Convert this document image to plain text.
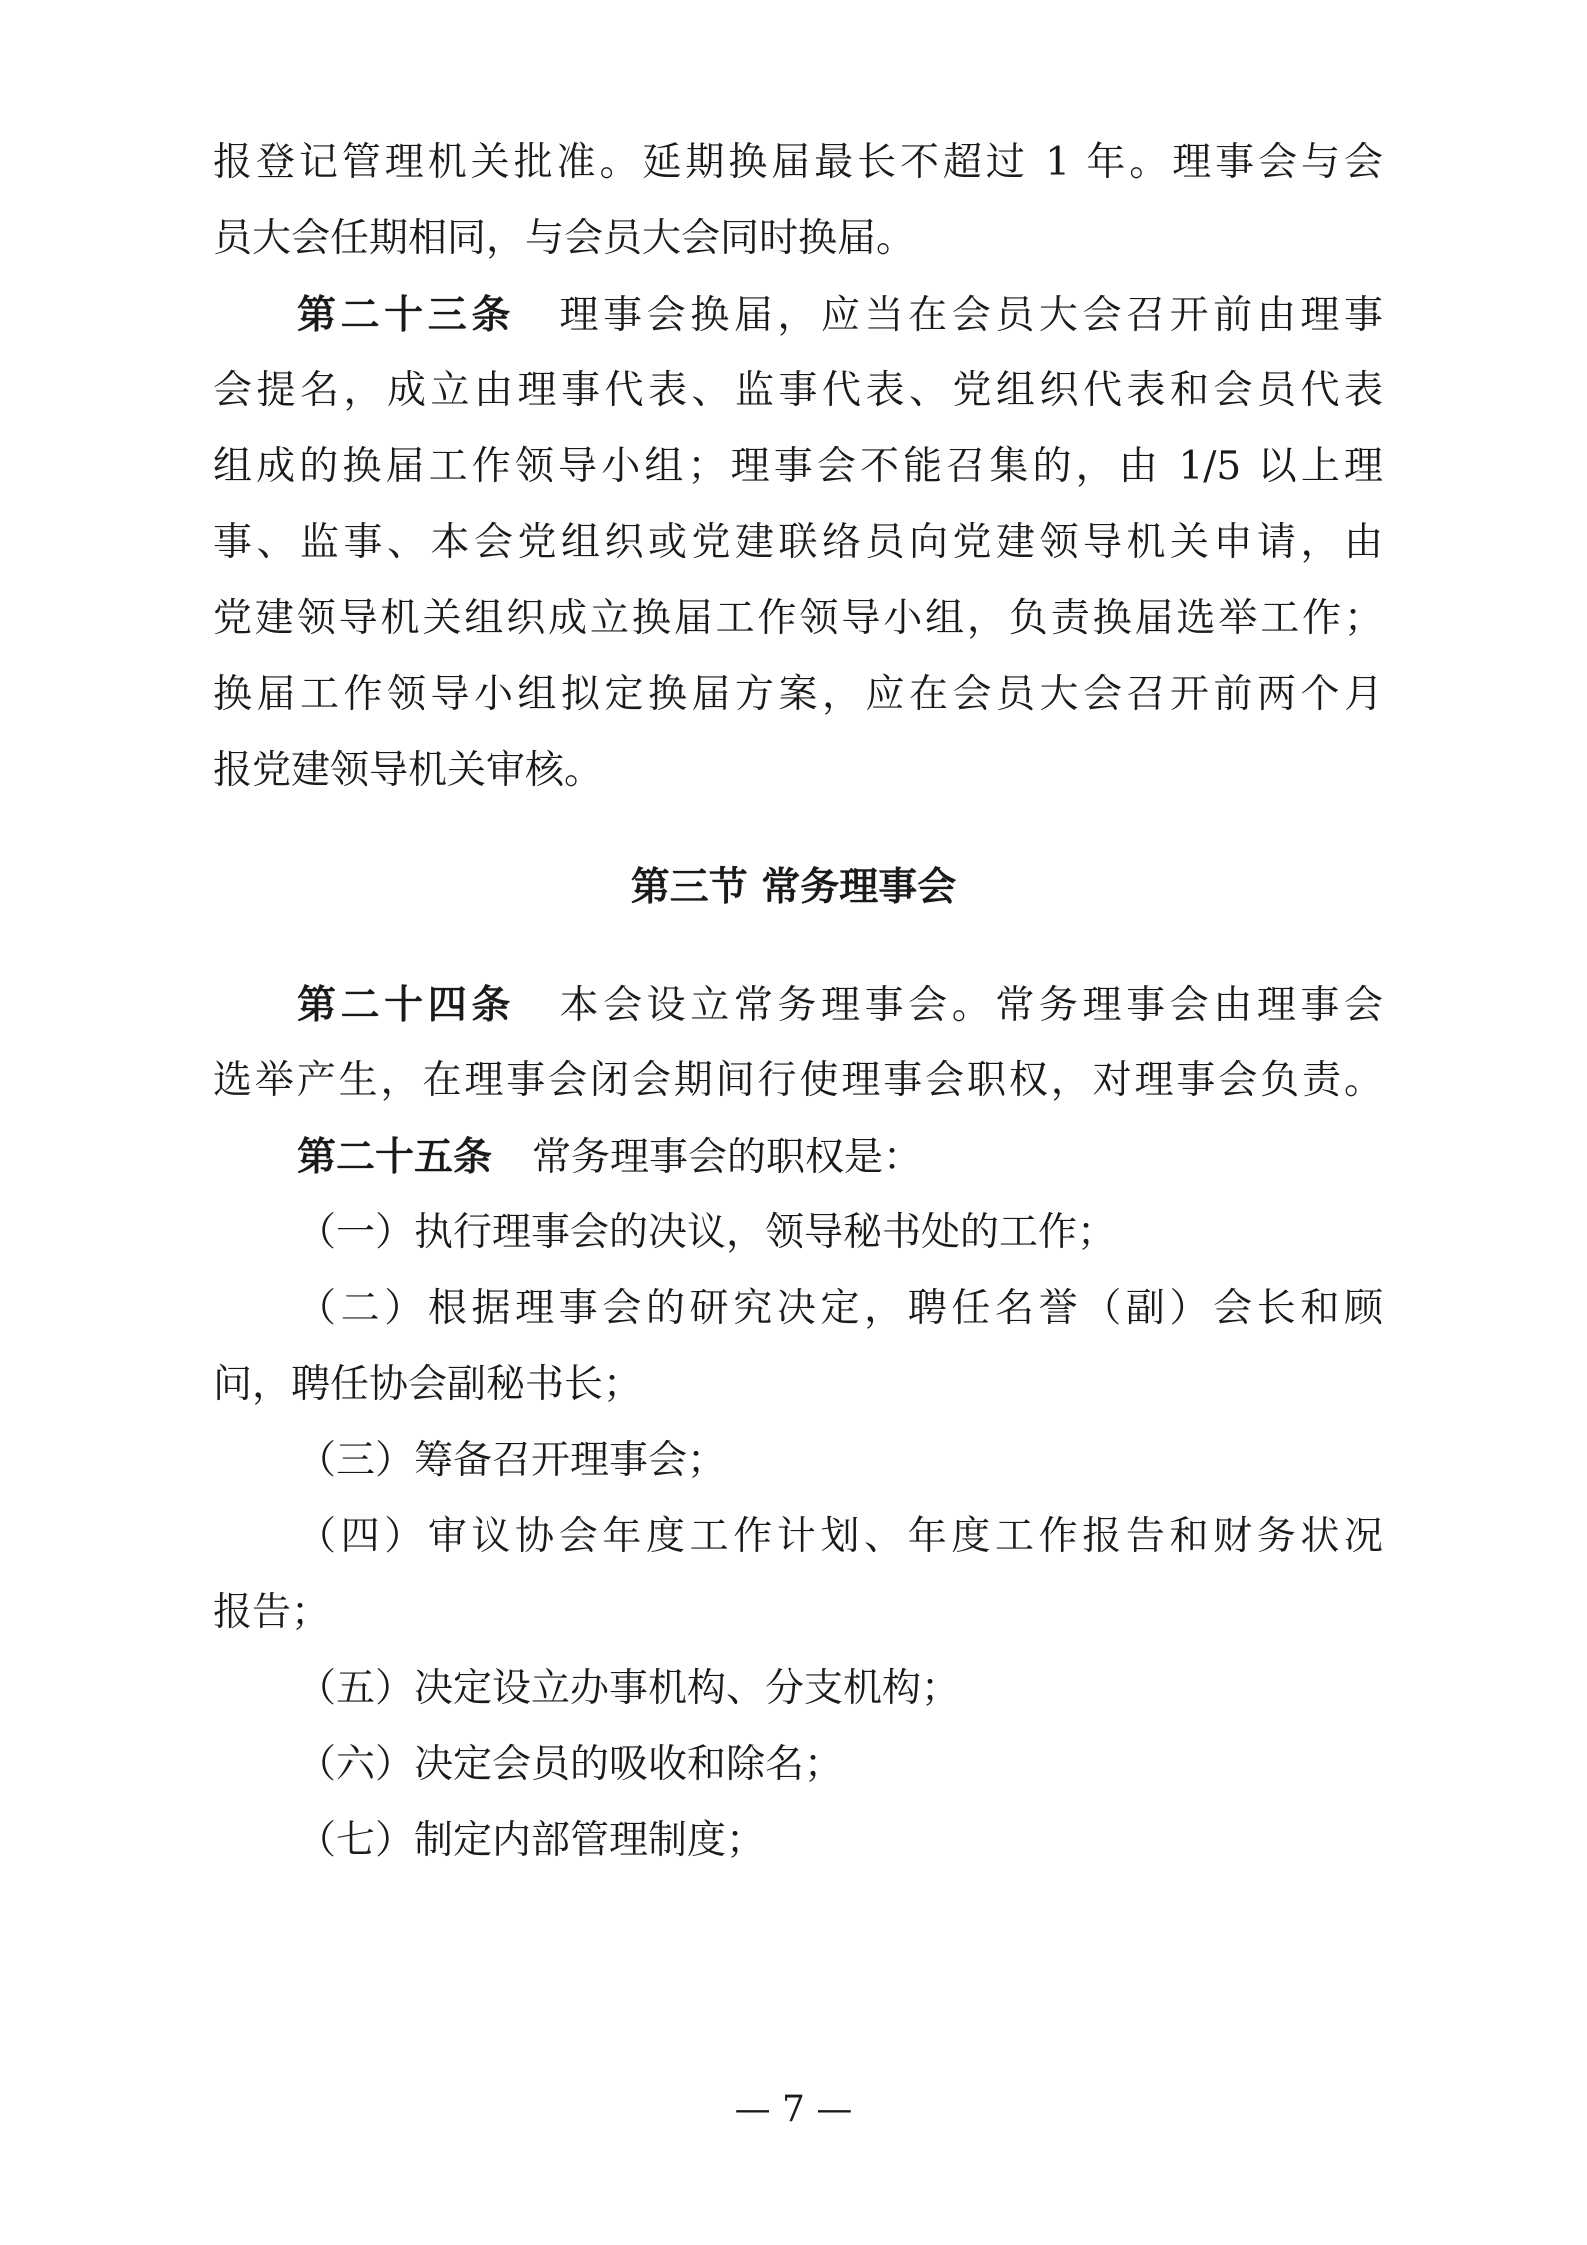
报登记管理机关批准。延期换届最长不超过 1 年。理事会与会
员大会任期相同，与会员大会同时换届。
第二十三条 理事会换届，应当在会员大会召开前由理事
会提名，成立由理事代表、监事代表、党组织代表和会员代表
组成的换届工作领导小组；理事会不能召集的，由 1/5 以上理
事、监事、本会党组织或党建联络员向党建领导机关申请，由
党建领导机关组织成立换届工作领导小组，负责换届选举工作；
换届工作领导小组拟定换届方案，应在会员大会召开前两个月
报党建领导机关审核。
第三节 常务理事会
第二十四条 本会设立常务理事会。常务理事会由理事会
选举产生，在理事会闭会期间行使理事会职权，对理事会负责。
第二十五条 常务理事会的职权是：
（一）执行理事会的决议，领导秘书处的工作；
（二）根据理事会的研究决定，聘任名誉（副）会长和顾
问，聘任协会副秘书长；
（三）筹备召开理事会；
（四）审议协会年度工作计划、年度工作报告和财务状况
报告；
（五）决定设立办事机构、分支机构；
（六）决定会员的吸收和除名；
（七）制定内部管理制度；
— 7 —
